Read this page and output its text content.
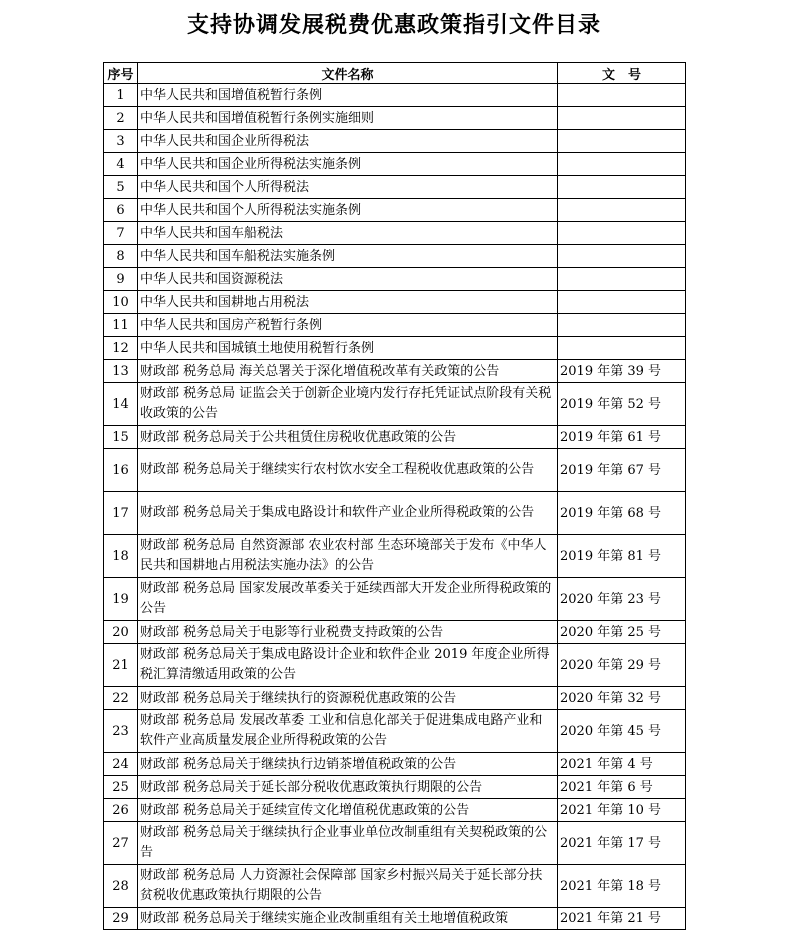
支持协调发展税费优惠政策指引文件目录
序号	文件名称	文　号
1	中华人民共和国增值税暂行条例	
2	中华人民共和国增值税暂行条例实施细则	
3	中华人民共和国企业所得税法	
4	中华人民共和国企业所得税法实施条例	
5	中华人民共和国个人所得税法	
6	中华人民共和国个人所得税法实施条例	
7	中华人民共和国车船税法	
8	中华人民共和国车船税法实施条例	
9	中华人民共和国资源税法	
10	中华人民共和国耕地占用税法	
11	中华人民共和国房产税暂行条例	
12	中华人民共和国城镇土地使用税暂行条例	
13	财政部 税务总局 海关总署关于深化增值税改革有关政策的公告	2019 年第 39 号
14	财政部 税务总局 证监会关于创新企业境内发行存托凭证试点阶段有关税收政策的公告	2019 年第 52 号
15	财政部 税务总局关于公共租赁住房税收优惠政策的公告	2019 年第 61 号
16	财政部 税务总局关于继续实行农村饮水安全工程税收优惠政策的公告	2019 年第 67 号
17	财政部 税务总局关于集成电路设计和软件产业企业所得税政策的公告	2019 年第 68 号
18	财政部 税务总局 自然资源部 农业农村部 生态环境部关于发布《中华人民共和国耕地占用税法实施办法》的公告	2019 年第 81 号
19	财政部 税务总局 国家发展改革委关于延续西部大开发企业所得税政策的公告	2020 年第 23 号
20	财政部 税务总局关于电影等行业税费支持政策的公告	2020 年第 25 号
21	财政部 税务总局关于集成电路设计企业和软件企业 2019 年度企业所得税汇算清缴适用政策的公告	2020 年第 29 号
22	财政部 税务总局关于继续执行的资源税优惠政策的公告	2020 年第 32 号
23	财政部 税务总局 发展改革委 工业和信息化部关于促进集成电路产业和软件产业高质量发展企业所得税政策的公告	2020 年第 45 号
24	财政部 税务总局关于继续执行边销茶增值税政策的公告	2021 年第 4 号
25	财政部 税务总局关于延长部分税收优惠政策执行期限的公告	2021 年第 6 号
26	财政部 税务总局关于延续宣传文化增值税优惠政策的公告	2021 年第 10 号
27	财政部 税务总局关于继续执行企业事业单位改制重组有关契税政策的公告	2021 年第 17 号
28	财政部 税务总局 人力资源社会保障部 国家乡村振兴局关于延长部分扶贫税收优惠政策执行期限的公告	2021 年第 18 号
29	财政部 税务总局关于继续实施企业改制重组有关土地增值税政策	2021 年第 21 号
